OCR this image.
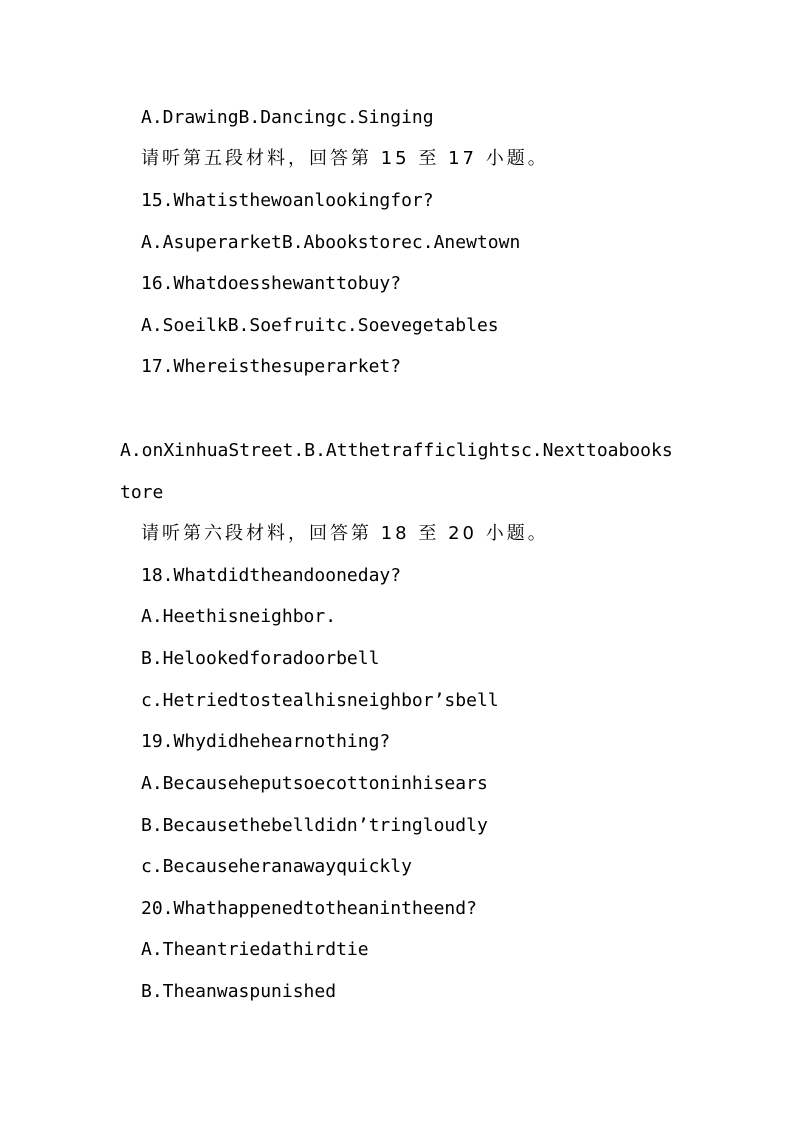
A.DrawingB.Dancingc.Singing
请听第五段材料，回答第 15 至 17 小题。
15.Whatisthewoanlookingfor?
A.AsuperarketB.Abookstorec.Anewtown
16.Whatdoesshewanttobuy?
A.SoeilkB.Soefruitc.Soevegetables
17.Whereisthesuperarket?
A.onXinhuaStreet.B.Atthetrafficlightsc.Nexttoabooks
tore
请听第六段材料，回答第 18 至 20 小题。
18.Whatdidtheandooneday?
A.Heethisneighbor.
B.Helookedforadoorbell
c.Hetriedtostealhisneighbor’sbell
19.Whydidhehearnothing?
A.Becauseheputsoecottoninhisears
B.Becausethebelldidn’tringloudly
c.Becauseheranawayquickly
20.Whathappenedtotheanintheend?
A.Theantriedathirdtie
B.Theanwaspunished
